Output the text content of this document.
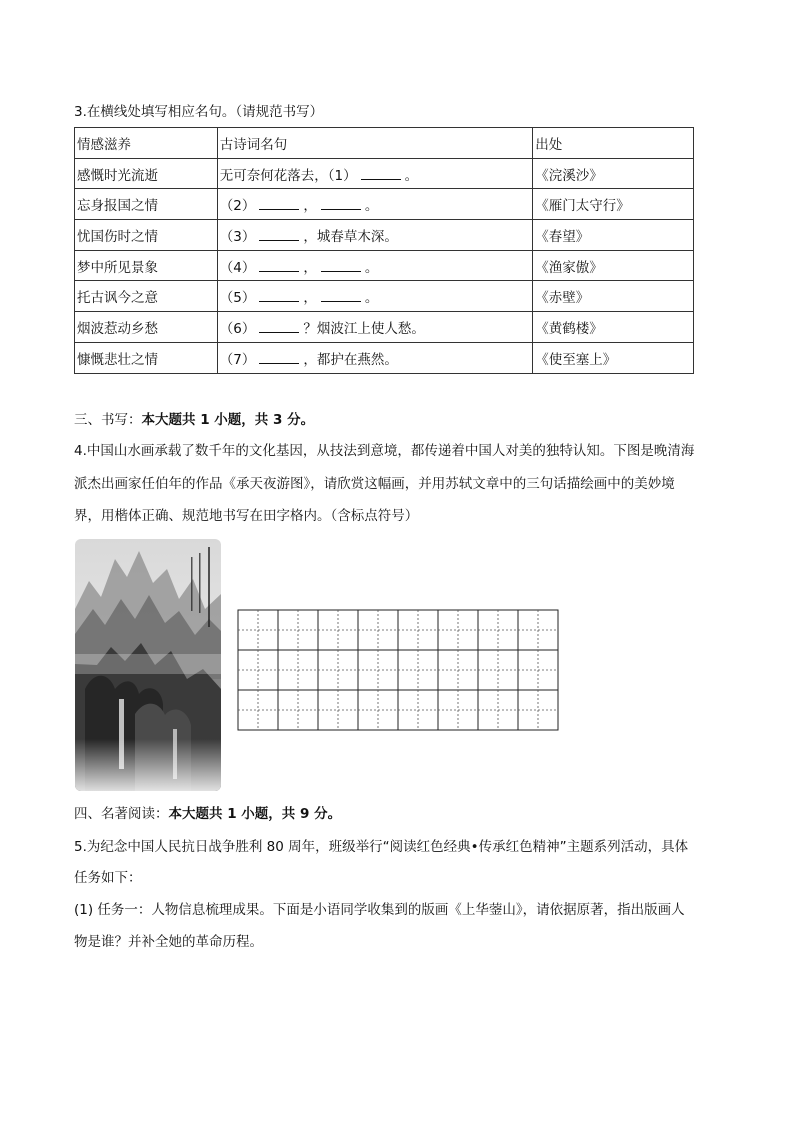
3.在横线处填写相应名句。（请规范书写）
情感滋养	古诗词名句	出处
感慨时光流逝	无可奈何花落去，（1） 。	《浣溪沙》
忘身报国之情	（2） ， 。	《雁门太守行》
忧国伤时之情	（3） ，城春草木深。	《春望》
梦中所见景象	（4） ， 。	《渔家傲》
托古讽今之意	（5） ， 。	《赤壁》
烟波惹动乡愁	（6） ？烟波江上使人愁。	《黄鹤楼》
慷慨悲壮之情	（7） ，都护在燕然。	《使至塞上》
三、书写：本大题共 1 小题，共 3 分。
4.中国山水画承载了数千年的文化基因，从技法到意境，都传递着中国人对美的独特认知。下图是晚清海
派杰出画家任伯年的作品《承天夜游图》，请欣赏这幅画，并用苏轼文章中的三句话描绘画中的美妙境
界，用楷体正确、规范地书写在田字格内。（含标点符号）
四、名著阅读：本大题共 1 小题，共 9 分。
5.为纪念中国人民抗日战争胜利 80 周年，班级举行“阅读红色经典•传承红色精神”主题系列活动，具体
任务如下：
(1) 任务一：人物信息梳理成果。下面是小语同学收集到的版画《上华蓥山》，请依据原著，指出版画人
物是谁？并补全她的革命历程。
